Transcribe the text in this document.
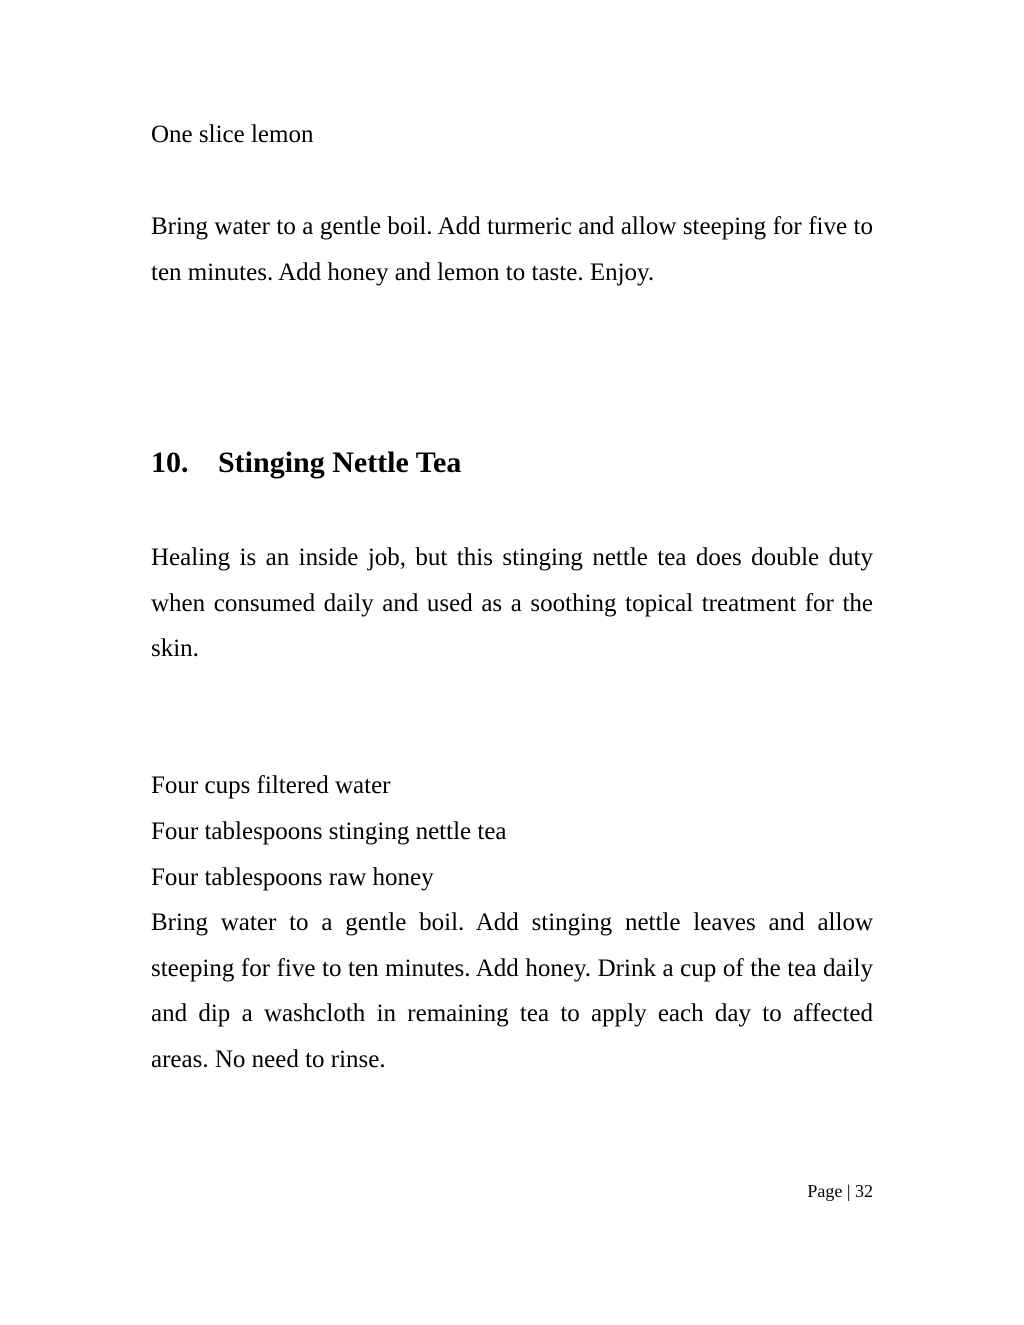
One slice lemon

Bring water to a gentle boil. Add turmeric and allow steeping for five to ten minutes. Add honey and lemon to taste. Enjoy.

10. Stinging Nettle Tea

Healing is an inside job, but this stinging nettle tea does double duty when consumed daily and used as a soothing topical treatment for the skin.

Four cups filtered water

Four tablespoons stinging nettle tea

Four tablespoons raw honey

Bring water to a gentle boil. Add stinging nettle leaves and allow steeping for five to ten minutes. Add honey. Drink a cup of the tea daily and dip a washcloth in remaining tea to apply each day to affected areas. No need to rinse.

Page | 32
